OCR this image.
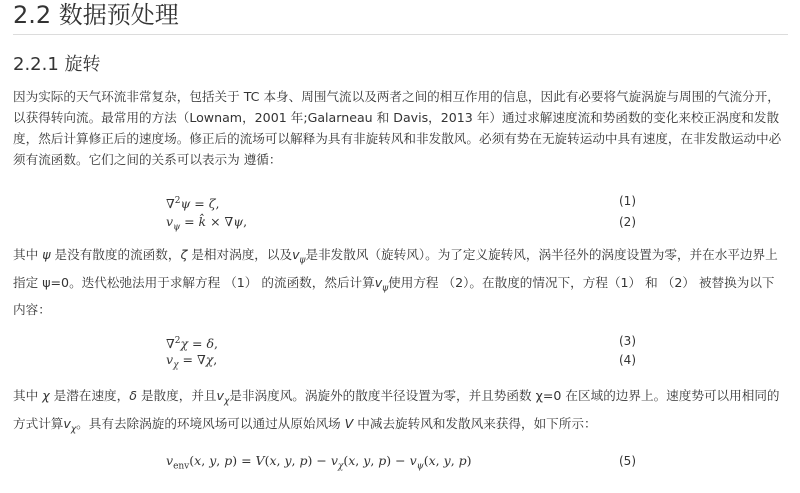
2.2 数据预处理
2.2.1 旋转

因为实际的天气环流非常复杂，包括关于 TC 本身、周围气流以及两者之间的相互作用的信息，因此有必要将气旋涡旋与周围的气流分开，以获得转向流。最常用的方法（Lownam，2001 年;Galarneau 和 Davis，2013 年）通过求解速度流和势函数的变化来校正涡度和发散度，然后计算修正后的速度场。修正后的流场可以解释为具有非旋转风和非发散风。必须有势在无旋转运动中具有速度，在非发散运动中必须有流函数。它们之间的关系可以表示为 遵循：

∇$^2$ψ = ζ,	(1)
$v_\psi$ = k̂ × ∇ψ,	(2)

其中 ψ 是没有散度的流函数，ζ 是相对涡度，以及$v_\psi$是非发散风（旋转风）。为了定义旋转风，涡半径外的涡度设置为零，并在水平边界上指定 ψ=0。迭代松弛法用于求解方程 （1） 的流函数，然后计算$v_\psi$使用方程 （2）。在散度的情况下，方程（1） 和 （2） 被替换为以下内容：

∇$^2$χ = δ,	(3)
$v_\chi = \nabla\chi$,	(4)

其中 χ 是潜在速度，δ 是散度，并且$v_\chi$是非涡度风。涡旋外的散度半径设置为零，并且势函数 χ=0 在区域的边界上。速度势可以用相同的方式计算$v_\chi$。具有去除涡旋的环境风场可以通过从原始风场 V 中减去旋转风和发散风来获得，如下所示：

$v_{env}(x$, y, p) = V(x, y, $p) - v_\chi(x$, y, $p) - v_\psi(x$, y, p)	(5)
